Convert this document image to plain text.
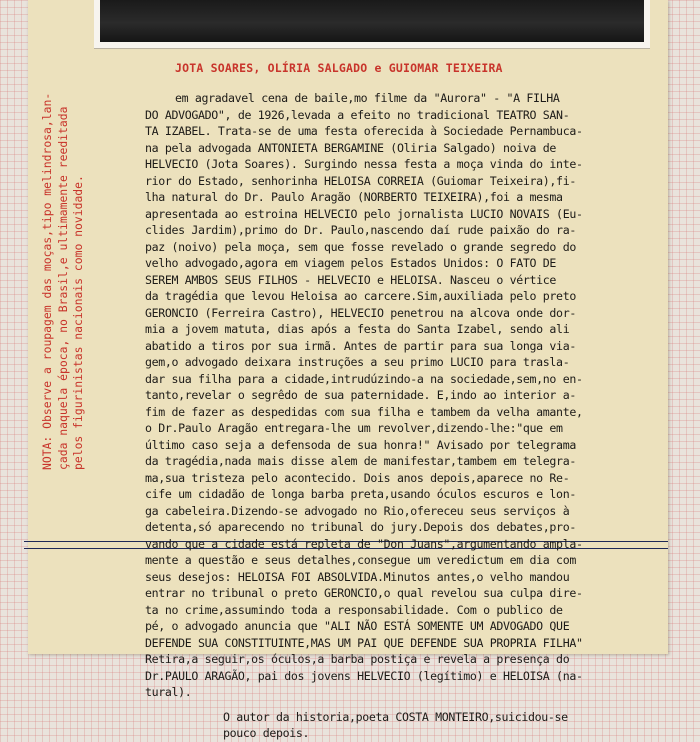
JOTA SOARES, OLÍRIA SALGADO e GUIOMAR TEIXEIRA
NOTA: Observe a roupagem das moças,tipo melindrosa,lan- çada naquela época, no Brasil,e ultimamente reeditada pelos figurinistas nacionais como novidade.
em agradavel cena de baile,mo filme da "Aurora" - "A FILHA
DO ADVOGADO", de 1926,levada a efeito no tradicional TEATRO SAN-
TA IZABEL. Trata-se de uma festa oferecida à Sociedade Pernambuca-
na pela advogada ANTONIETA BERGAMINE (Oliria Salgado) noiva de
HELVECIO (Jota Soares). Surgindo nessa festa a moça vinda do inte-
rior do Estado, senhorinha HELOISA CORREIA (Guiomar Teixeira),fi-
lha natural do Dr. Paulo Aragão (NORBERTO TEIXEIRA),foi a mesma
apresentada ao estroina HELVECIO pelo jornalista LUCIO NOVAIS (Eu-
clides Jardim),primo do Dr. Paulo,nascendo daí rude paixão do ra-
paz (noivo) pela moça, sem que fosse revelado o grande segredo do
velho advogado,agora em viagem pelos Estados Unidos: O FATO DE
SEREM AMBOS SEUS FILHOS - HELVECIO e HELOISA. Nasceu o vértice
da tragédia que levou Heloisa ao carcere.Sim,auxiliada pelo preto
GERONCIO (Ferreira Castro), HELVECIO penetrou na alcova onde dor-
mia a jovem matuta, dias após a festa do Santa Izabel, sendo ali
abatido a tiros por sua irmã. Antes de partir para sua longa via-
gem,o advogado deixara instruções a seu primo LUCIO para trasla-
dar sua filha para a cidade,intrudúzindo-a na sociedade,sem,no en-
tanto,revelar o segrêdo de sua paternidade. E,indo ao interior a-
fim de fazer as despedidas com sua filha e tambem da velha amante,
o Dr.Paulo Aragão entregara-lhe um revolver,dizendo-lhe:"que em
último caso seja a defensoda de sua honra!" Avisado por telegrama
da tragédia,nada mais disse alem de manifestar,tambem em telegra-
ma,sua tristeza pelo acontecido. Dois anos depois,aparece no Re-
cife um cidadão de longa barba preta,usando óculos escuros e lon-
ga cabeleira.Dizendo-se advogado no Rio,ofereceu seus serviços à
detenta,só aparecendo no tribunal do jury.Depois dos debates,pro-
vando que a cidade está repleta de "Don Juans",argumentando ampla-
mente a questão e seus detalhes,consegue um veredictum em dia com
seus desejos: HELOISA FOI ABSOLVIDA.Minutos antes,o velho mandou
entrar no tribunal o preto GERONCIO,o qual revelou sua culpa dire-
ta no crime,assumindo toda a responsabilidade. Com o publico de
pé, o advogado anuncia que "ALI NÃO ESTÁ SOMENTE UM ADVOGADO QUE
DEFENDE SUA CONSTITUINTE,MAS UM PAI QUE DEFENDE SUA PROPRIA FILHA"
Retira,a seguir,os óculos,a barba postiça e revela a presença do
Dr.PAULO ARAGÃO, pai dos jovens HELVECIO (legítimo) e HELOISA (na-
tural).
O autor da historia,poeta COSTA MONTEIRO,suicidou-se
pouco depois.
